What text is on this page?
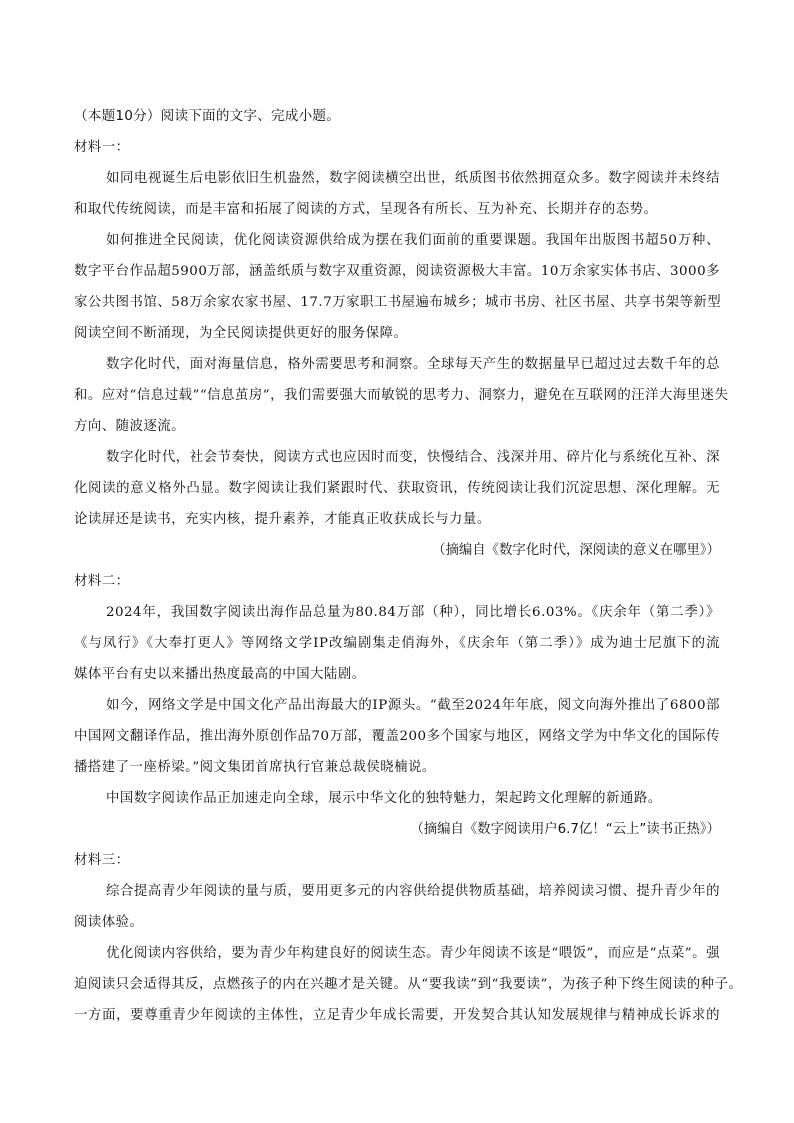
（本题10分）阅读下面的文字、完成小题。

材料一：

如同电视诞生后电影依旧生机盎然，数字阅读横空出世，纸质图书依然拥趸众多。数字阅读并未终结

和取代传统阅读，而是丰富和拓展了阅读的方式，呈现各有所长、互为补充、长期并存的态势。

如何推进全民阅读，优化阅读资源供给成为摆在我们面前的重要课题。我国年出版图书超50万种、

数字平台作品超5900万部，涵盖纸质与数字双重资源，阅读资源极大丰富。10万余家实体书店、3000多

家公共图书馆、58万余家农家书屋、17.7万家职工书屋遍布城乡；城市书房、社区书屋、共享书架等新型

阅读空间不断涌现，为全民阅读提供更好的服务保障。

数字化时代，面对海量信息，格外需要思考和洞察。全球每天产生的数据量早已超过过去数千年的总

和。应对“信息过载”“信息茧房”，我们需要强大而敏锐的思考力、洞察力，避免在互联网的汪洋大海里迷失

方向、随波逐流。

数字化时代，社会节奏快，阅读方式也应因时而变，快慢结合、浅深并用、碎片化与系统化互补、深

化阅读的意义格外凸显。数字阅读让我们紧跟时代、获取资讯，传统阅读让我们沉淀思想、深化理解。无

论读屏还是读书，充实内核，提升素养，才能真正收获成长与力量。

（摘编自《数字化时代，深阅读的意义在哪里》）

材料二：

2024年，我国数字阅读出海作品总量为80.84万部（种），同比增长6.03%。《庆余年（第二季）》

《与凤行》《大奉打更人》等网络文学IP改编剧集走俏海外，《庆余年（第二季）》成为迪士尼旗下的流

媒体平台有史以来播出热度最高的中国大陆剧。

如今，网络文学是中国文化产品出海最大的IP源头。“截至2024年年底，阅文向海外推出了6800部

中国网文翻译作品，推出海外原创作品70万部，覆盖200多个国家与地区，网络文学为中华文化的国际传

播搭建了一座桥梁。”阅文集团首席执行官兼总裁侯晓楠说。

中国数字阅读作品正加速走向全球，展示中华文化的独特魅力，架起跨文化理解的新通路。

（摘编自《数字阅读用户6.7亿！“云上”读书正热》）

材料三：

综合提高青少年阅读的量与质，要用更多元的内容供给提供物质基础，培养阅读习惯、提升青少年的

阅读体验。

优化阅读内容供给，要为青少年构建良好的阅读生态。青少年阅读不该是“喂饭”，而应是“点菜”。强

迫阅读只会适得其反，点燃孩子的内在兴趣才是关键。从“要我读”到“我要读”，为孩子种下终生阅读的种子。

一方面，要尊重青少年阅读的主体性，立足青少年成长需要，开发契合其认知发展规律与精神成长诉求的
